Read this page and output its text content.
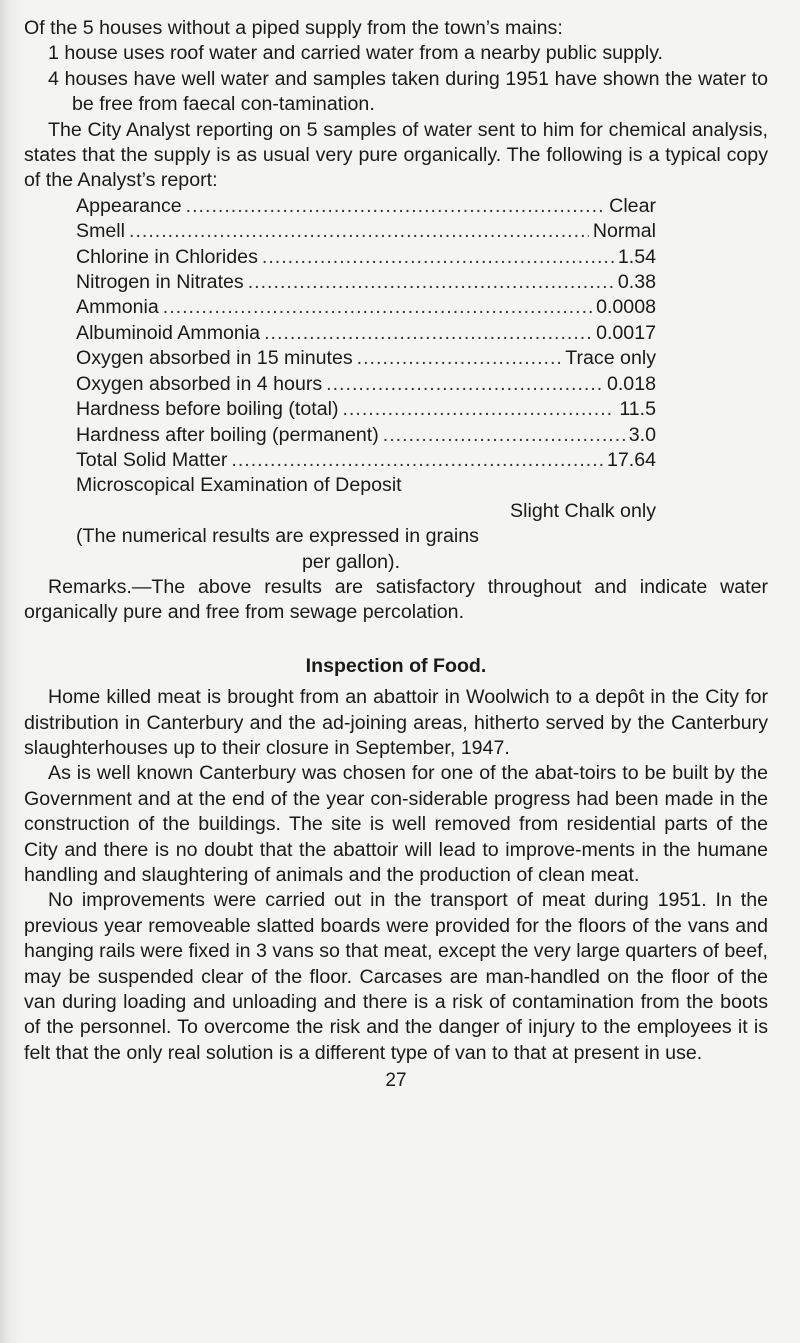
Of the 5 houses without a piped supply from the town’s mains:

1 house uses roof water and carried water from a nearby public supply.

4 houses have well water and samples taken during 1951 have shown the water to be free from faecal con-tamination.

The City Analyst reporting on 5 samples of water sent to him for chemical analysis, states that the supply is as usual very pure organically. The following is a typical copy of the Analyst’s report:

Appearance .....	Clear
Smell .....	Normal
Chlorine in Chlorides .....	1.54
Nitrogen in Nitrates .....	0.38
Ammonia .....	0.0008
Albuminoid Ammonia .....	0.0017
Oxygen absorbed in 15 minutes .....	Trace only
Oxygen absorbed in 4 hours .....	0.018
Hardness before boiling (total) .....	11.5
Hardness after boiling (permanent) .....	3.0
Total Solid Matter .....	17.64
Microscopical Examination of Deposit
Slight Chalk only
(The numerical results are expressed in grains
per gallon).

Remarks.—The above results are satisfactory throughout and indicate water organically pure and free from sewage percolation.

Inspection of Food.

Home killed meat is brought from an abattoir in Woolwich to a depôt in the City for distribution in Canterbury and the ad-joining areas, hitherto served by the Canterbury slaughterhouses up to their closure in September, 1947.

As is well known Canterbury was chosen for one of the abat-toirs to be built by the Government and at the end of the year con-siderable progress had been made in the construction of the buildings. The site is well removed from residential parts of the City and there is no doubt that the abattoir will lead to improve-ments in the humane handling and slaughtering of animals and the production of clean meat.

No improvements were carried out in the transport of meat during 1951. In the previous year removeable slatted boards were provided for the floors of the vans and hanging rails were fixed in 3 vans so that meat, except the very large quarters of beef, may be suspended clear of the floor. Carcases are man-handled on the floor of the van during loading and unloading and there is a risk of contamination from the boots of the personnel. To overcome the risk and the danger of injury to the employees it is felt that the only real solution is a different type of van to that at present in use.

27
